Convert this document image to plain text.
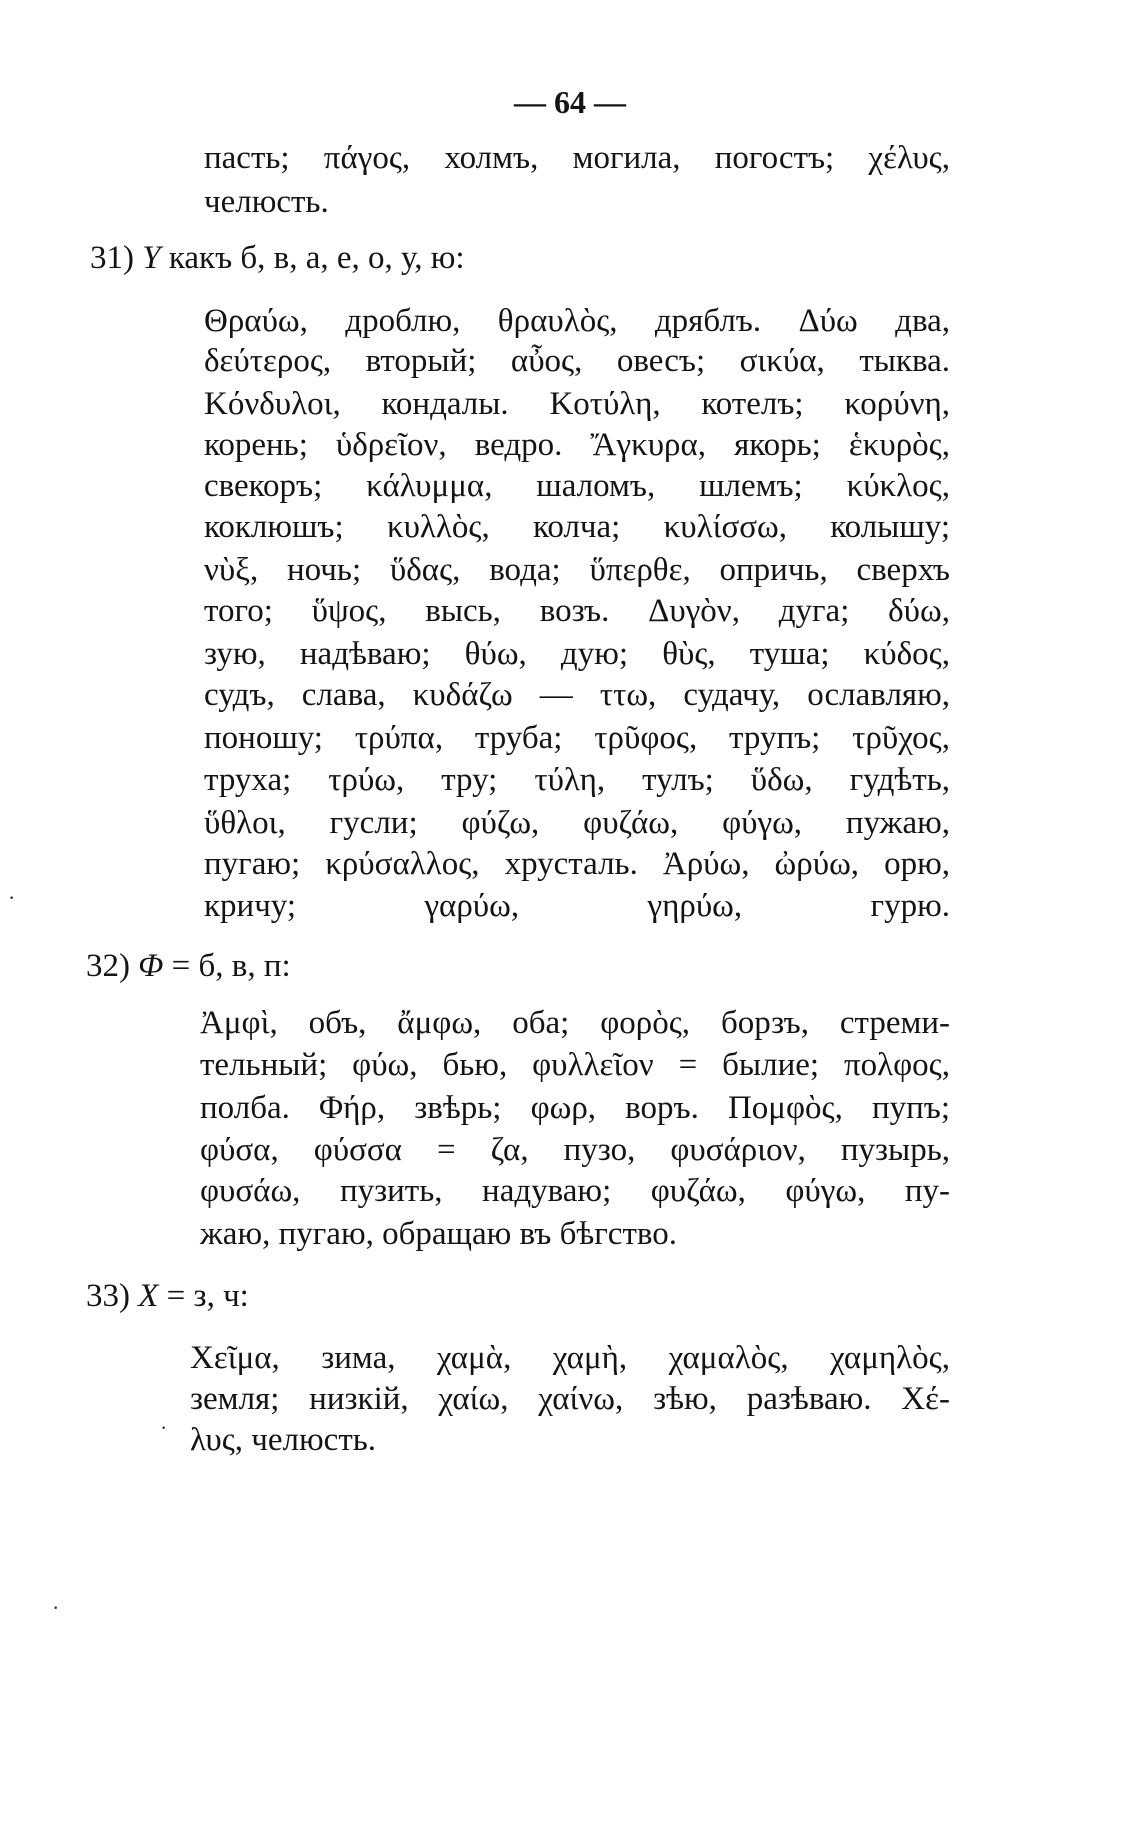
— 64 —
пасть; πάγος, холмъ, могила, погостъ; χέλυς,
челюсть.
31) Υ какъ б, в, а, е, о, у, ю:
Θραύω, дроблю, θραυλὸς, дряблъ. Δύω два,
δεύτερος, вторый; αὖος, овесъ; σικύα, тыква.
Κόνδυλοι, кондалы. Κοτύλη, котелъ; κορύνη,
корень; ὑδρεῖον, ведро. Ἄγκυρα, якорь; ἑκυρὸς,
свекоръ; κάλυμμα, шаломъ, шлемъ; κύκλος,
коклюшъ; κυλλὸς, колча; κυλίσσω, колышу;
νὺξ, ночь; ὕδας, вода; ὕπερθε, опричь, сверхъ
того; ὕψος, высь, возъ. Δυγὸν, дуга; δύω,
зую, надѣваю; θύω, дую; θὺς, туша; κύδος,
судъ, слава, κυδάζω — ττω, судачу, ославляю,
поношу; τρύπα, труба; τρῦφος, трупъ; τρῦχος,
труха; τρύω, тру; τύλη, тулъ; ὕδω, гудѣть,
ὕθλοι, гусли; φύζω, φυζάω, φύγω, пужаю,
пугаю; κρύσαλλος, хрусталь. Ἀρύω, ὠρύω, орю,
кричу; γαρύω, γηρύω, гурю.
32) Φ = б, в, п:
Ἀμφὶ, объ, ἄμφω, оба; φορὸς, борзъ, стреми-
тельный; φύω, бью, φυλλεῖον = былие; πολφος,
полба. Φήρ, звѣрь; φωρ, воръ. Πομφὸς, пупъ;
φύσα, φύσσα = ζα, пузо, φυσάριον, пузырь,
φυσάω, пузить, надуваю; φυζάω, φύγω, пу-
жаю, пугаю, обращаю въ бѣгство.
33) Χ = з, ч:
Χεῖμα, зима, χαμὰ, χαμὴ, χαμαλὸς, χαμηλὸς,
земля; низкій, χαίω, χαίνω, зѣю, разѣваю. Χέ-
λυς, челюсть.
·
·
·
